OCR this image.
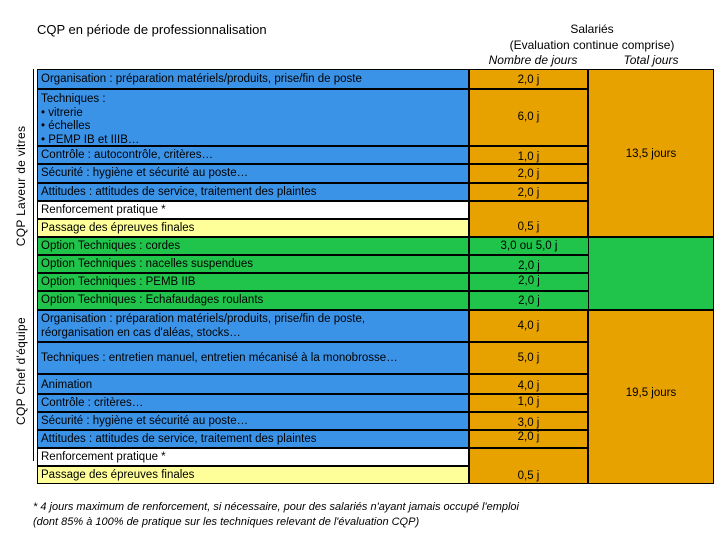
CQP en période de professionnalisation	Salariés
(Evaluation continue comprise)
Nombre de jours	Total jours
CQP Laveur de vitres
CQP Chef d'équipe
Organisation : préparation matériels/produits, prise/fin de poste
Techniques :
• vitrerie
• échelles
• PEMP IB et IIIB…
Contrôle : autocontrôle, critères…
Sécurité : hygiène et sécurité au poste…
Attitudes : attitudes de service, traitement des plaintes
Renforcement pratique *
Passage des épreuves finales
Option Techniques : cordes
Option Techniques : nacelles suspendues
Option Techniques : PEMB IIB
Option Techniques : Echafaudages roulants
2,0 j
6,0 j
1,0 j
2,0 j
2,0 j
0,5 j
13,5 jours
3,0 ou 5,0 j
2,0 j
2,0 j
2,0 j
Organisation : préparation matériels/produits, prise/fin de poste,
réorganisation en cas d'aléas, stocks…
Techniques : entretien manuel, entretien mécanisé à la monobrosse…
Animation
Contrôle : critères…
Sécurité : hygiène et sécurité au poste…
Attitudes : attitudes de service, traitement des plaintes
Renforcement pratique *
Passage des épreuves finales
4,0 j
5,0 j
4,0 j
1,0 j
3,0 j
2,0 j
0,5 j
19,5 jours
* 4 jours maximum de renforcement, si nécessaire, pour des salariés n'ayant jamais occupé l'emploi
(dont 85% à 100% de pratique sur les techniques relevant de l'évaluation CQP)
